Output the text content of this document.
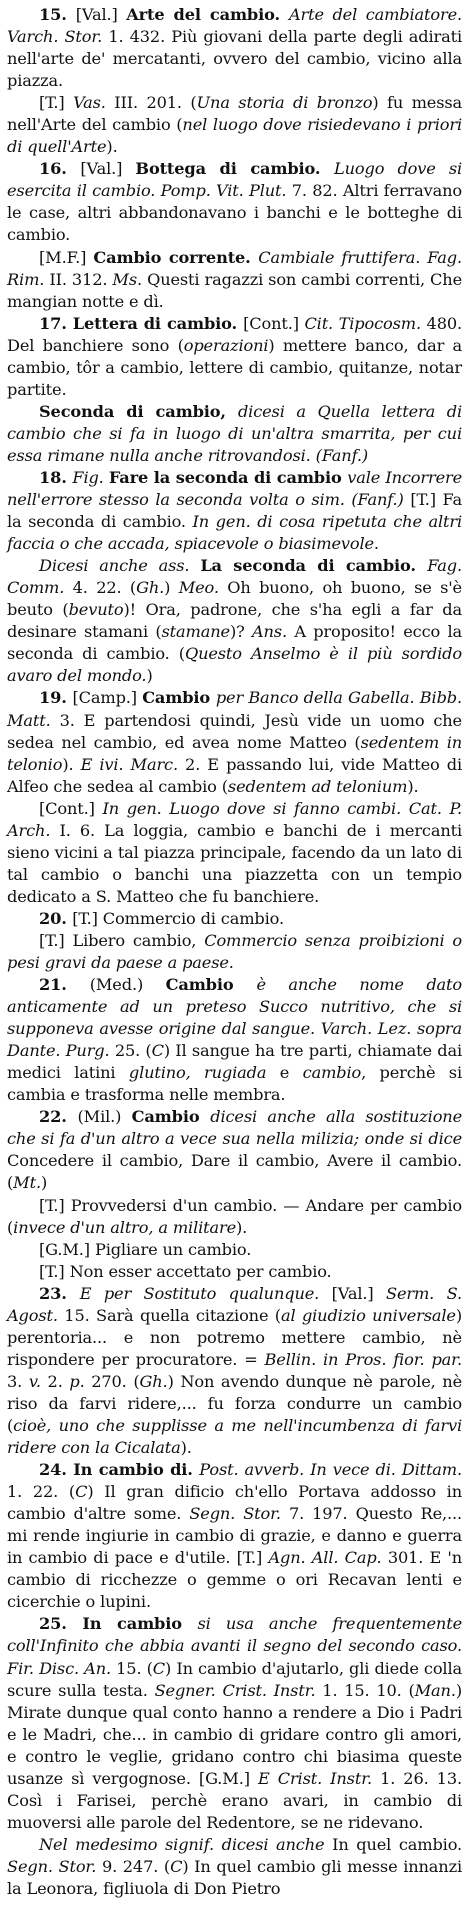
15. [Val.] Arte del cambio. Arte del cambiatore. Varch. Stor. 1. 432. Più giovani della parte degli adirati nell'arte de' mercatanti, ovvero del cambio, vicino alla piazza.

[T.] Vas. III. 201. (Una storia di bronzo) fu messa nell'Arte del cambio (nel luogo dove risiedevano i priori di quell'Arte).

16. [Val.] Bottega di cambio. Luogo dove si esercita il cambio. Pomp. Vit. Plut. 7. 82. Altri ferravano le case, altri abbandonavano i banchi e le botteghe di cambio.

[M.F.] Cambio corrente. Cambiale fruttifera. Fag. Rim. II. 312. Ms. Questi ragazzi son cambi correnti, Che mangian notte e dì.

17. Lettera di cambio. [Cont.] Cit. Tipocosm. 480. Del banchiere sono (operazioni) mettere banco, dar a cambio, tôr a cambio, lettere di cambio, quitanze, notar partite.

Seconda di cambio, dicesi a Quella lettera di cambio che si fa in luogo di un'altra smarrita, per cui essa rimane nulla anche ritrovandosi. (Fanf.)

18. Fig. Fare la seconda di cambio vale Incorrere nell'errore stesso la seconda volta o sim. (Fanf.) [T.] Fa la seconda di cambio. In gen. di cosa ripetuta che altri faccia o che accada, spiacevole o biasimevole.

Dicesi anche ass. La seconda di cambio. Fag. Comm. 4. 22. (Gh.) Meo. Oh buono, oh buono, se s'è beuto (bevuto)! Ora, padrone, che s'ha egli a far da desinare stamani (stamane)? Ans. A proposito! ecco la seconda di cambio. (Questo Anselmo è il più sordido avaro del mondo.)

19. [Camp.] Cambio per Banco della Gabella. Bibb. Matt. 3. E partendosi quindi, Jesù vide un uomo che sedea nel cambio, ed avea nome Matteo (sedentem in telonio). E ivi. Marc. 2. E passando lui, vide Matteo di Alfeo che sedea al cambio (sedentem ad telonium).

[Cont.] In gen. Luogo dove si fanno cambi. Cat. P. Arch. I. 6. La loggia, cambio e banchi de i mercanti sieno vicini a tal piazza principale, facendo da un lato di tal cambio o banchi una piazzetta con un tempio dedicato a S. Matteo che fu banchiere.

20. [T.] Commercio di cambio.

[T.] Libero cambio, Commercio senza proibizioni o pesi gravi da paese a paese.

21. (Med.) Cambio è anche nome dato anticamente ad un preteso Succo nutritivo, che si supponeva avesse origine dal sangue. Varch. Lez. sopra Dante. Purg. 25. (C) Il sangue ha tre parti, chiamate dai medici latini glutino, rugiada e cambio, perchè si cambia e trasforma nelle membra.

22. (Mil.) Cambio dicesi anche alla sostituzione che si fa d'un altro a vece sua nella milizia; onde si dice Concedere il cambio, Dare il cambio, Avere il cambio. (Mt.)

[T.] Provvedersi d'un cambio. — Andare per cambio (invece d'un altro, a militare).

[G.M.] Pigliare un cambio.

[T.] Non esser accettato per cambio.

23. E per Sostituto qualunque. [Val.] Serm. S. Agost. 15. Sarà quella citazione (al giudizio universale) perentoria... e non potremo mettere cambio, nè rispondere per procuratore. = Bellin. in Pros. fior. par. 3. v. 2. p. 270. (Gh.) Non avendo dunque nè parole, nè riso da farvi ridere,... fu forza condurre un cambio (cioè, uno che supplisse a me nell'incumbenza di farvi ridere con la Cicalata).

24. In cambio di. Post. avverb. In vece di. Dittam. 1. 22. (C) Il gran dificio ch'ello Portava addosso in cambio d'altre some. Segn. Stor. 7. 197. Questo Re,... mi rende ingiurie in cambio di grazie, e danno e guerra in cambio di pace e d'utile. [T.] Agn. All. Cap. 301. E 'n cambio di ricchezze o gemme o ori Recavan lenti e cicerchie o lupini.

25. In cambio si usa anche frequentemente coll'Infinito che abbia avanti il segno del secondo caso. Fir. Disc. An. 15. (C) In cambio d'ajutarlo, gli diede colla scure sulla testa. Segner. Crist. Instr. 1. 15. 10. (Man.) Mirate dunque qual conto hanno a rendere a Dio i Padri e le Madri, che... in cambio di gridare contro gli amori, e contro le veglie, gridano contro chi biasima queste usanze sì vergognose. [G.M.] E Crist. Instr. 1. 26. 13. Così i Farisei, perchè erano avari, in cambio di muoversi alle parole del Redentore, se ne ridevano.

Nel medesimo signif. dicesi anche In quel cambio. Segn. Stor. 9. 247. (C) In quel cambio gli messe innanzi la Leonora, figliuola di Don Pietro
